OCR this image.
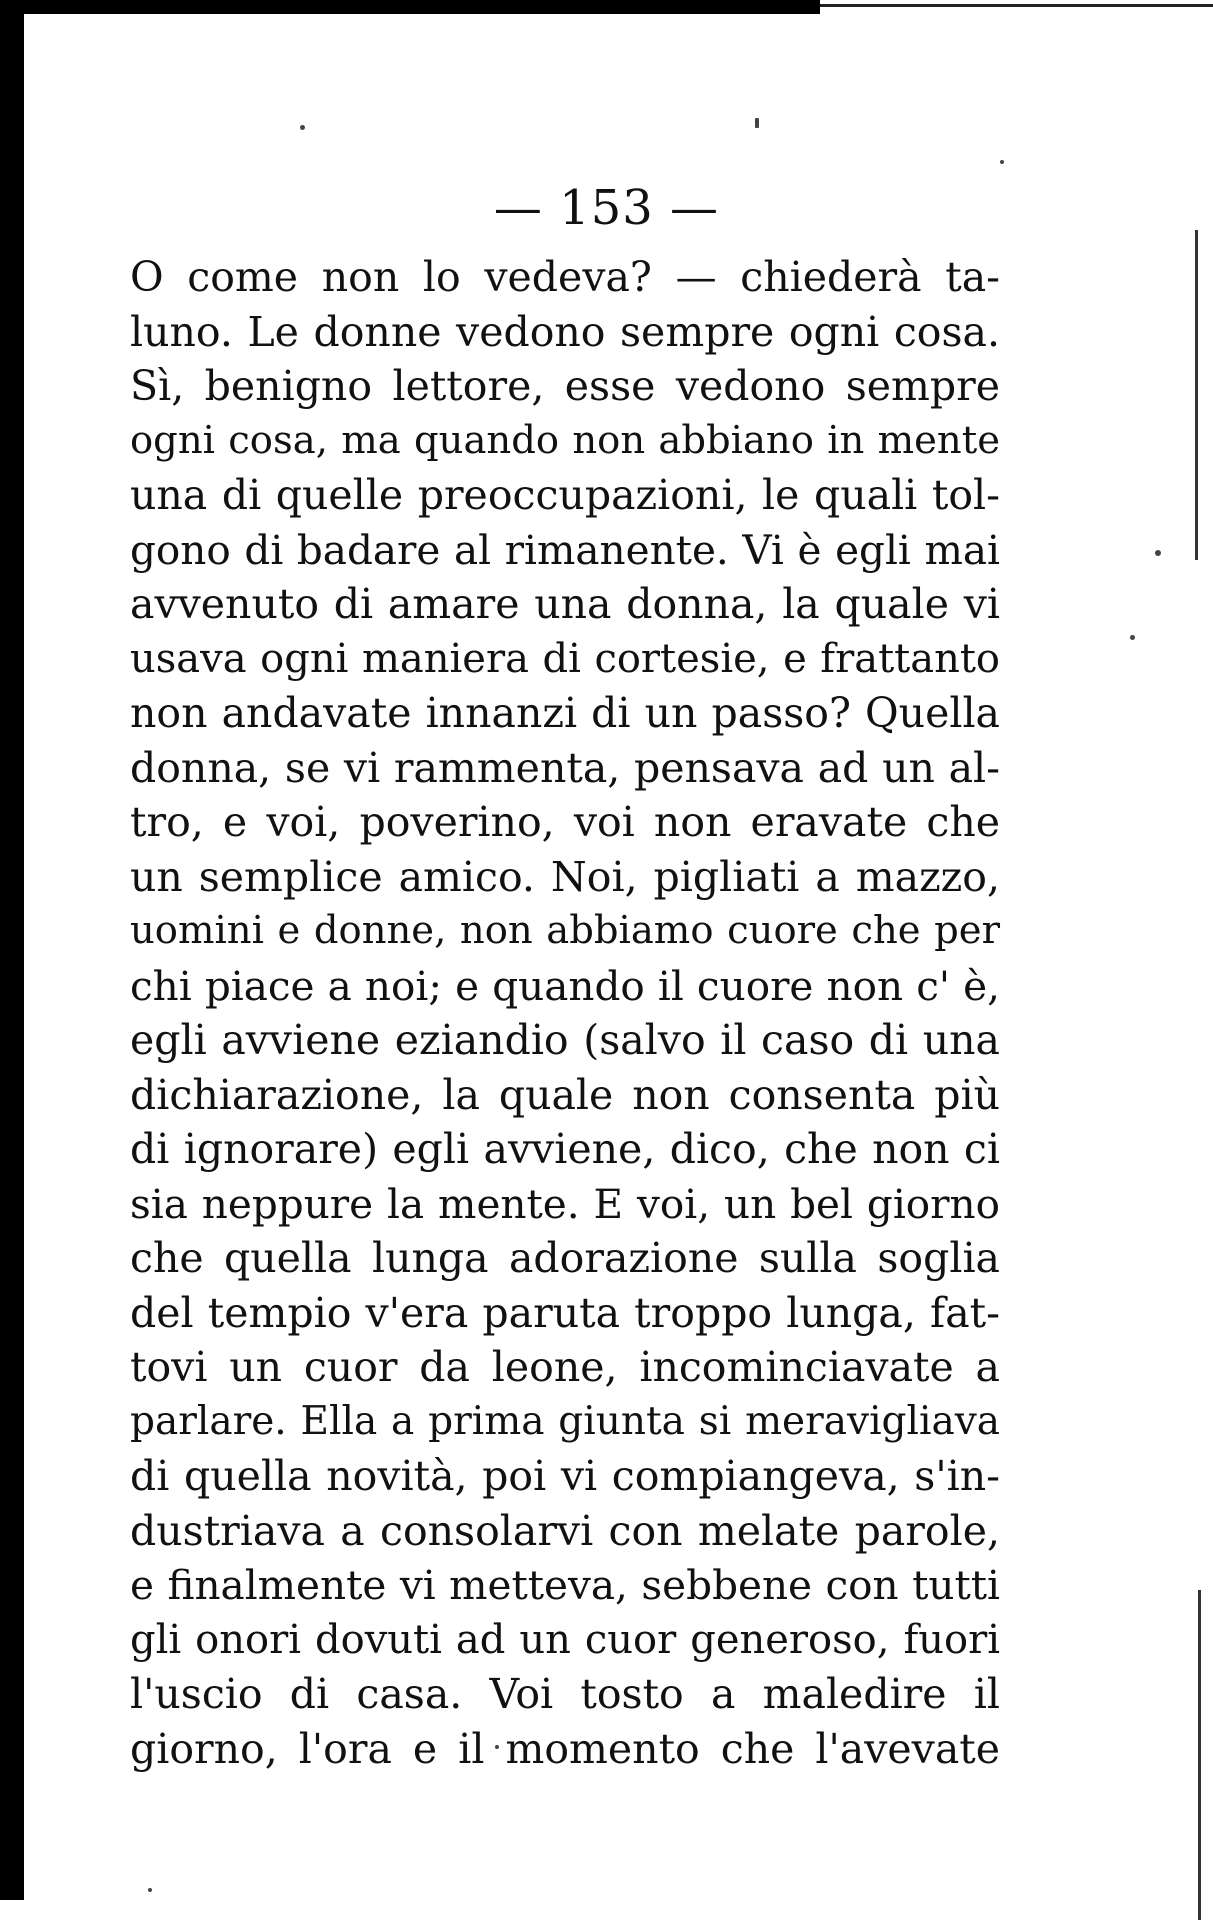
— 153 —
O come non lo vedeva? — chiederà ta-
luno. Le donne vedono sempre ogni cosa.
Sì, benigno lettore, esse vedono sempre
ogni cosa, ma quando non abbiano in mente
una di quelle preoccupazioni, le quali tol-
gono di badare al rimanente. Vi è egli mai
avvenuto di amare una donna, la quale vi
usava ogni maniera di cortesie, e frattanto
non andavate innanzi di un passo? Quella
donna, se vi rammenta, pensava ad un al-
tro, e voi, poverino, voi non eravate che
un semplice amico. Noi, pigliati a mazzo,
uomini e donne, non abbiamo cuore che per
chi piace a noi; e quando il cuore non c' è,
egli avviene eziandio (salvo il caso di una
dichiarazione, la quale non consenta più
di ignorare) egli avviene, dico, che non ci
sia neppure la mente. E voi, un bel giorno
che quella lunga adorazione sulla soglia
del tempio v'era paruta troppo lunga, fat-
tovi un cuor da leone, incominciavate a
parlare. Ella a prima giunta si meravigliava
di quella novità, poi vi compiangeva, s'in-
dustriava a consolarvi con melate parole,
e finalmente vi metteva, sebbene con tutti
gli onori dovuti ad un cuor generoso, fuori
l'uscio di casa. Voi tosto a maledire il
giorno, l'ora e il momento che l'avevate
